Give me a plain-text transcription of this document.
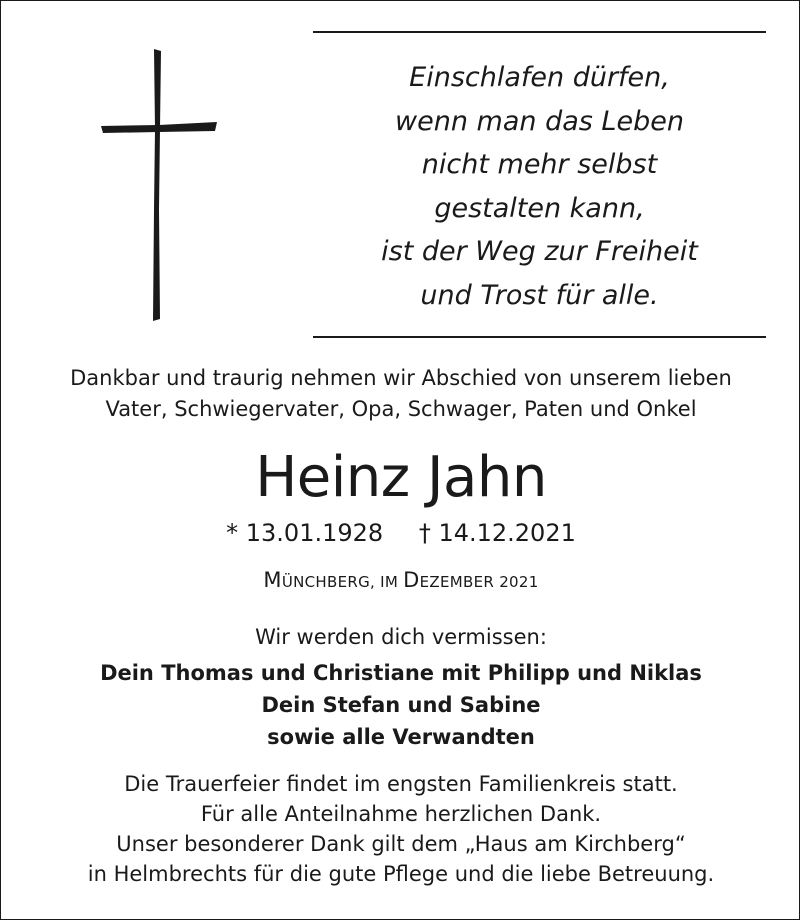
Einschlafen dürfen,
wenn man das Leben
nicht mehr selbst
gestalten kann,
ist der Weg zur Freiheit
und Trost für alle.
Dankbar und traurig nehmen wir Abschied von unserem lieben
Vater, Schwiegervater, Opa, Schwager, Paten und Onkel
Heinz Jahn
* 13.01.1928 † 14.12.2021
MÜNCHBERG, IM DEZEMBER 2021
Wir werden dich vermissen:
Dein Thomas und Christiane mit Philipp und Niklas
Dein Stefan und Sabine
sowie alle Verwandten
Die Trauerfeier findet im engsten Familienkreis statt.
Für alle Anteilnahme herzlichen Dank.
Unser besonderer Dank gilt dem „Haus am Kirchberg“
in Helmbrechts für die gute Pflege und die liebe Betreuung.
